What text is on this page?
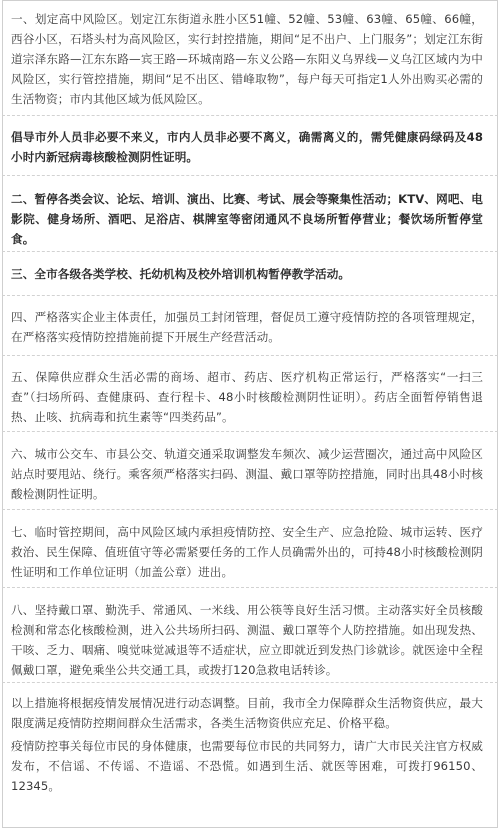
一、划定高中风险区。划定江东街道永胜小区51幢、52幢、53幢、63幢、65幢、66幢，西谷小区，石塔头村为高风险区，实行封控措施，期间“足不出户、上门服务”；划定江东街道宗泽东路—江东东路—宾王路—环城南路—东义公路—东阳义乌界线—义乌江区域内为中风险区，实行管控措施，期间“足不出区、错峰取物”，每户每天可指定1人外出购买必需的生活物资；市内其他区域为低风险区。

倡导市外人员非必要不来义，市内人员非必要不离义，确需离义的，需凭健康码绿码及48小时内新冠病毒核酸检测阴性证明。

二、暂停各类会议、论坛、培训、演出、比赛、考试、展会等聚集性活动；KTV、网吧、电影院、健身场所、酒吧、足浴店、棋牌室等密闭通风不良场所暂停营业；餐饮场所暂停堂食。

三、全市各级各类学校、托幼机构及校外培训机构暂停教学活动。

四、严格落实企业主体责任，加强员工封闭管理，督促员工遵守疫情防控的各项管理规定，在严格落实疫情防控措施前提下开展生产经营活动。

五、保障供应群众生活必需的商场、超市、药店、医疗机构正常运行，严格落实“一扫三查”（扫场所码、查健康码、查行程卡、48小时核酸检测阴性证明）。药店全面暂停销售退热、止咳、抗病毒和抗生素等“四类药品”。

六、城市公交车、市县公交、轨道交通采取调整发车频次、减少运营圈次，通过高中风险区站点时要甩站、绕行。乘客须严格落实扫码、测温、戴口罩等防控措施，同时出具48小时核酸检测阴性证明。

七、临时管控期间，高中风险区域内承担疫情防控、安全生产、应急抢险、城市运转、医疗救治、民生保障、值班值守等必需紧要任务的工作人员确需外出的，可持48小时核酸检测阴性证明和工作单位证明（加盖公章）进出。

八、坚持戴口罩、勤洗手、常通风、一米线、用公筷等良好生活习惯。主动落实好全员核酸检测和常态化核酸检测，进入公共场所扫码、测温、戴口罩等个人防控措施。如出现发热、干咳、乏力、咽痛、嗅觉味觉减退等不适症状，应立即就近到发热门诊就诊。就医途中全程佩戴口罩，避免乘坐公共交通工具，或拨打120急救电话转诊。

以上措施将根据疫情发展情况进行动态调整。目前，我市全力保障群众生活物资供应，最大限度满足疫情防控期间群众生活需求，各类生活物资供应充足、价格平稳。

疫情防控事关每位市民的身体健康，也需要每位市民的共同努力，请广大市民关注官方权威发布，不信谣、不传谣、不造谣、不恐慌。如遇到生活、就医等困难，可拨打96150、12345。
